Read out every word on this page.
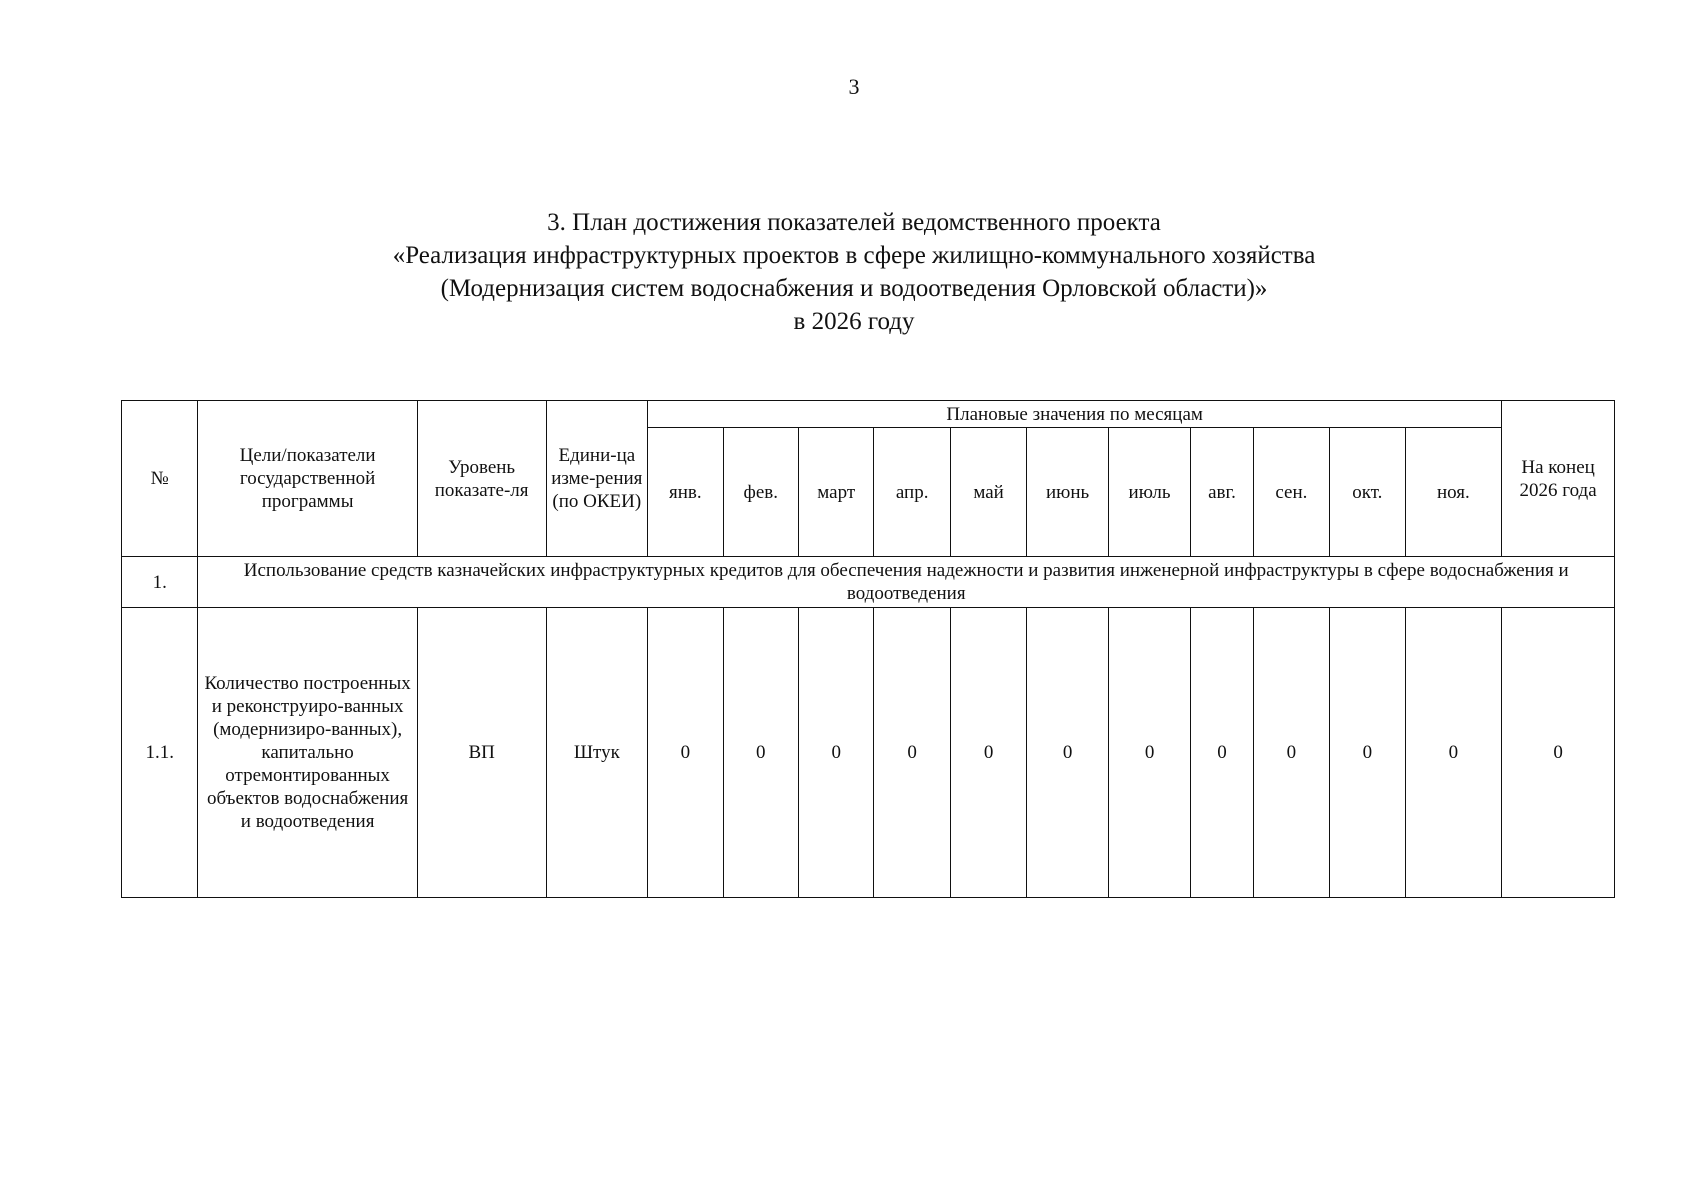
3
3. План достижения показателей ведомственного проекта
«Реализация инфраструктурных проектов в сфере жилищно-коммунального хозяйства
(Модернизация систем водоснабжения и водоотведения Орловской области)»
в 2026 году
№	Цели/показатели государственной программы	Уровень показате-ля	Едини-ца изме-рения (по ОКЕИ)	Плановые значения по месяцам											На конец 2026 года
				янв.	фев.	март	апр.	май	июнь	июль	авг.	сен.	окт.	ноя.	
1.	Использование средств казначейских инфраструктурных кредитов для обеспечения надежности и развития инженерной инфраструктуры в сфере водоснабжения и водоотведения														
1.1.	Количество построенных и реконструиро-ванных (модернизиро-ванных), капитально отремонтированных объектов водоснабжения и водоотведения	ВП	Штук	0	0	0	0	0	0	0	0	0	0	0	0
